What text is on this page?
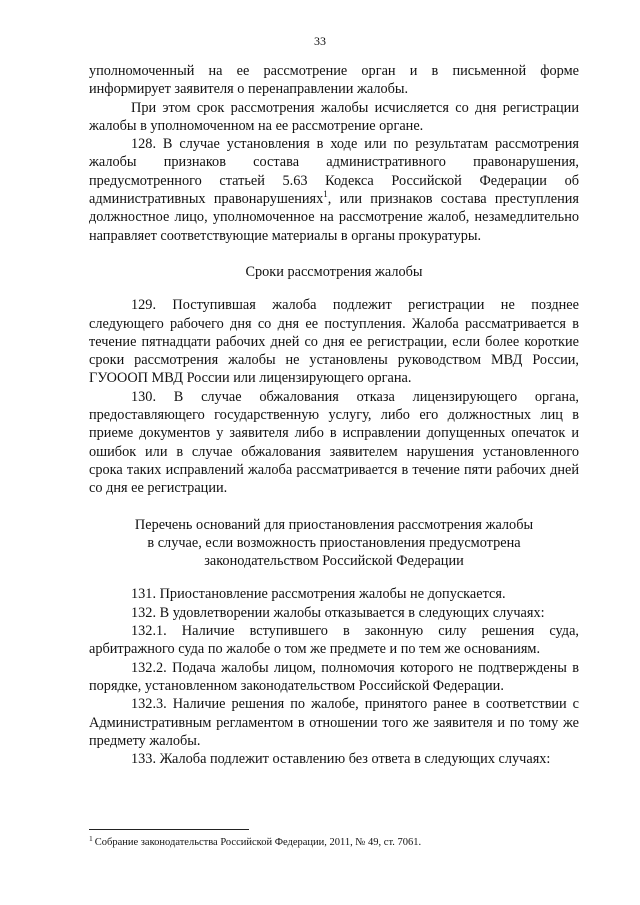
33

уполномоченный на ее рассмотрение орган и в письменной форме информирует заявителя о перенаправлении жалобы.

При этом срок рассмотрения жалобы исчисляется со дня регистрации жалобы в уполномоченном на ее рассмотрение органе.

128. В случае установления в ходе или по результатам рассмотрения жалобы признаков состава административного правонарушения, предусмотренного статьей 5.63 Кодекса Российской Федерации об административных правонарушениях$^1$, или признаков состава преступления должностное лицо, уполномоченное на рассмотрение жалоб, незамедлительно направляет соответствующие материалы в органы прокуратуры.

Сроки рассмотрения жалобы

129. Поступившая жалоба подлежит регистрации не позднее следующего рабочего дня со дня ее поступления. Жалоба рассматривается в течение пятнадцати рабочих дней со дня ее регистрации, если более короткие сроки рассмотрения жалобы не установлены руководством МВД России, ГУОООП МВД России или лицензирующего органа.

130. В случае обжалования отказа лицензирующего органа, предоставляющего государственную услугу, либо его должностных лиц в приеме документов у заявителя либо в исправлении допущенных опечаток и ошибок или в случае обжалования заявителем нарушения установленного срока таких исправлений жалоба рассматривается в течение пяти рабочих дней со дня ее регистрации.

Перечень оснований для приостановления рассмотрения жалобы

в случае, если возможность приостановления предусмотрена

законодательством Российской Федерации

131. Приостановление рассмотрения жалобы не допускается.

132. В удовлетворении жалобы отказывается в следующих случаях:

132.1. Наличие вступившего в законную силу решения суда, арбитражного суда по жалобе о том же предмете и по тем же основаниям.

132.2. Подача жалобы лицом, полномочия которого не подтверждены в порядке, установленном законодательством Российской Федерации.

132.3. Наличие решения по жалобе, принятого ранее в соответствии с Административным регламентом в отношении того же заявителя и по тому же предмету жалобы.

133. Жалоба подлежит оставлению без ответа в следующих случаях:

$^1$ Собрание законодательства Российской Федерации, 2011, № 49, ст. 7061.
